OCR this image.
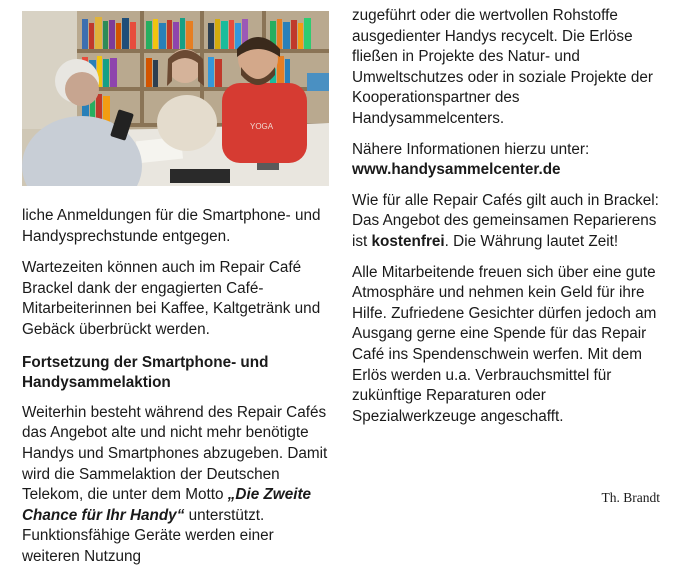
YOGA

liche Anmeldungen für die Smartphone- und Handysprechstunde entgegen.

Wartezeiten können auch im Repair Café Brackel dank der engagierten Café-Mitarbeiterinnen bei Kaffee, Kaltgetränk und Gebäck überbrückt werden.

Fortsetzung der Smartphone- und Handysammelaktion

Weiterhin besteht während des Repair Cafés das Angebot alte und nicht mehr benötigte Handys und Smartphones abzugeben. Damit wird die Sammelaktion der Deutschen Telekom, die unter dem Motto „Die Zweite Chance für Ihr Handy“ unterstützt. Funktionsfähige Geräte werden einer weiteren Nutzung

zugeführt oder die wertvollen Rohstoffe ausgedienter Handys recycelt. Die Erlöse fließen in Projekte des Natur- und Umweltschutzes oder in soziale Projekte der Kooperationspartner des Handysammelcenters.

Nähere Informationen hierzu unter:
www.handysammelcenter.de

Wie für alle Repair Cafés gilt auch in Brackel: Das Angebot des gemeinsamen Reparierens ist kostenfrei. Die Währung lautet Zeit!

Alle Mitarbeitende freuen sich über eine gute Atmosphäre und nehmen kein Geld für ihre Hilfe. Zufriedene Gesichter dürfen jedoch am Ausgang gerne eine Spende für das Repair Café ins Spendenschwein werfen. Mit dem Erlös werden u.a. Verbrauchsmittel für zukünftige Reparaturen oder Spezialwerkzeuge angeschafft.

Th. Brandt
